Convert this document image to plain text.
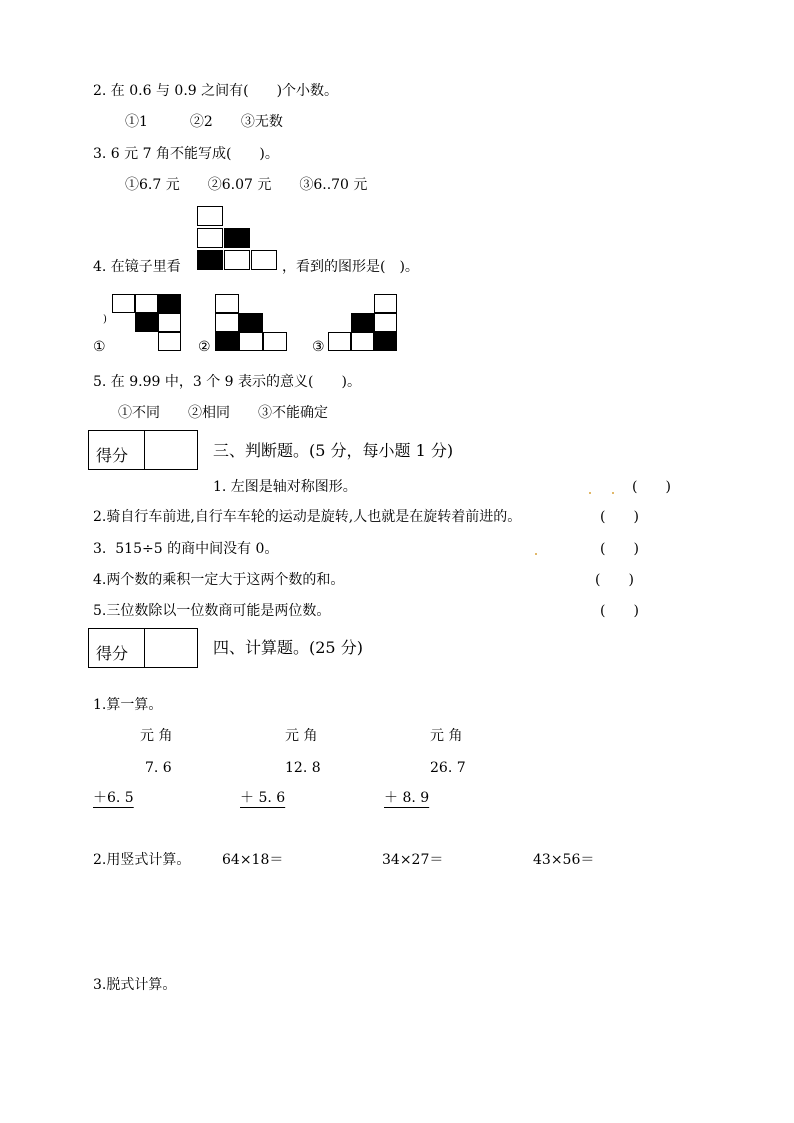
2. 在 0.6 与 0.9 之间有(　　)个小数。
①1　　　②2　　③无数
3. 6 元 7 角不能写成(　　)。
①6.7 元　　②6.07 元　　③6..70 元
4. 在镜子里看	，看到的图形是(　)。
)
①	②	③
5. 在 9.99 中，3 个 9 表示的意义(　　)。
①不同　　②相同　　③不能确定
得分	三、判断题。(5 分，每小题 1 分)
1. 左图是轴对称图形。	(　　)
2.骑自行车前进,自行车车轮的运动是旋转,人也就是在旋转着前进的。	(　　)
3.  515÷5 的商中间没有 0。	(　　)
4.两个数的乘积一定大于这两个数的和。	(　　)
5.三位数除以一位数商可能是两位数。	(　　)
得分	四、计算题。(25 分)
1.算一算。
元 角	元 角	元 角
7. 6	12. 8	26. 7
＋6. 5	＋ 5. 6	＋ 8. 9
2.用竖式计算。 64×18＝	34×27＝	43×56＝
3.脱式计算。
